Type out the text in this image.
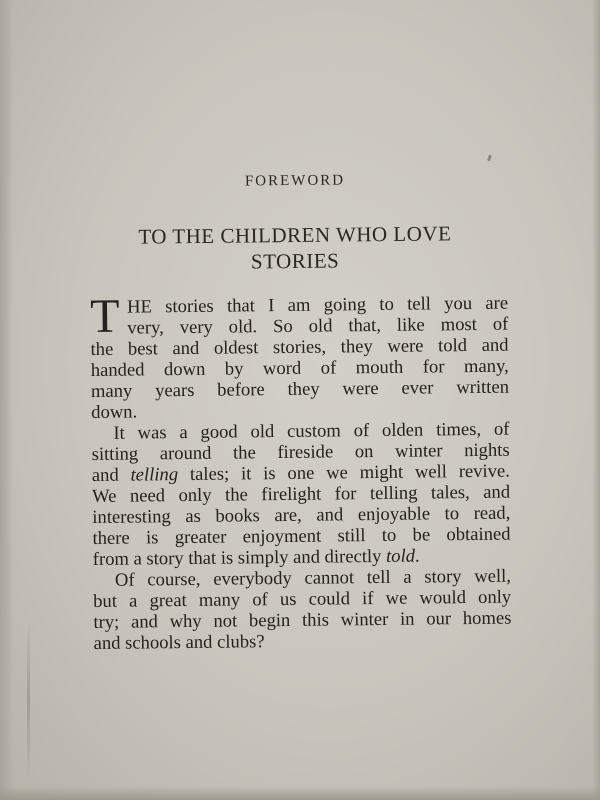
FOREWORD
TO THE CHILDREN WHO LOVE
STORIES
T HE stories that I am going to tell you are
very, very old. So old that, like most of
the best and oldest stories, they were told and
handed down by word of mouth for many,
many years before they were ever written
down.
It was a good old custom of olden times, of
sitting around the fireside on winter nights
and telling tales; it is one we might well revive.
We need only the firelight for telling tales, and
interesting as books are, and enjoyable to read,
there is greater enjoyment still to be obtained
from a story that is simply and directly told.
Of course, everybody cannot tell a story well,
but a great many of us could if we would only
try; and why not begin this winter in our homes
and schools and clubs?
